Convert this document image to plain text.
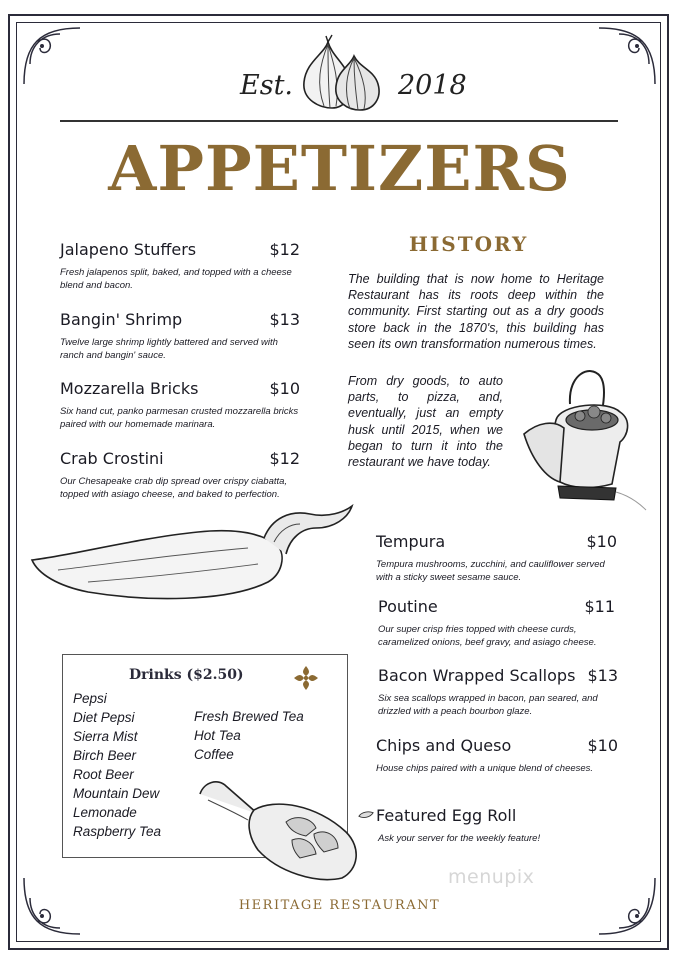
Est.	2018
APPETIZERS
Jalapeno Stuffers	$12
Fresh jalapenos split, baked, and topped with a cheese blend and bacon.
Bangin' Shrimp	$13
Twelve large shrimp lightly battered and served with ranch and bangin' sauce.
Mozzarella Bricks	$10
Six hand cut, panko parmesan crusted mozzarella bricks paired with our homemade marinara.
Crab Crostini	$12
Our Chesapeake crab dip spread over crispy ciabatta, topped with asiago cheese, and baked to perfection.
HISTORY
The building that is now home to Heritage Restaurant has its roots deep within the community. First starting out as a dry goods store back in the 1870's, this building has seen its own transformation numerous times.
From dry goods, to auto parts, to pizza, and, eventually, just an empty husk until 2015, when we began to turn it into the restaurant we have today.
Tempura	$10
Tempura mushrooms, zucchini, and cauliflower served with a sticky sweet sesame sauce.
Poutine	$11
Our super crisp fries topped with cheese curds, caramelized onions, beef gravy, and asiago cheese.
Bacon Wrapped Scallops $13
Six sea scallops wrapped in bacon, pan seared, and drizzled with a peach bourbon glaze.
Chips and Queso	$10
House chips paired with a unique blend of cheeses.
Featured Egg Roll
Ask your server for the weekly feature!
Drinks ($2.50)
Pepsi
Diet Pepsi
Sierra Mist
Birch Beer
Root Beer
Mountain Dew
Lemonade
Raspberry Tea
Fresh Brewed Tea
Hot Tea
Coffee
menupix
HERITAGE RESTAURANT
